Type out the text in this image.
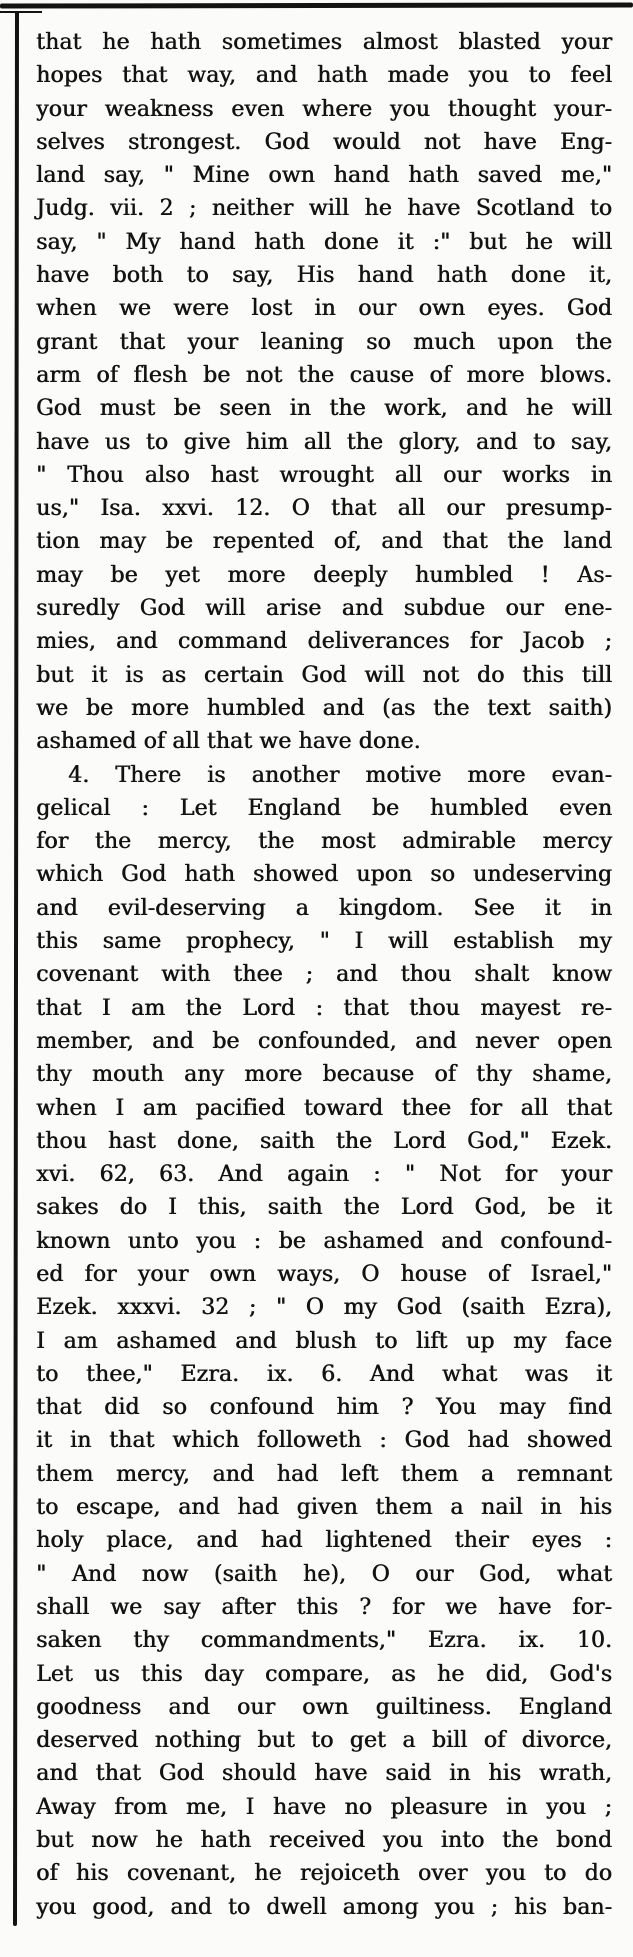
that he hath sometimes almost blasted your
hopes that way, and hath made you to feel
your weakness even where you thought your-
selves strongest. God would not have Eng-
land say, " Mine own hand hath saved me,"
Judg. vii. 2 ; neither will he have Scotland to
say, " My hand hath done it :" but he will
have both to say, His hand hath done it,
when we were lost in our own eyes. God
grant that your leaning so much upon the
arm of flesh be not the cause of more blows.
God must be seen in the work, and he will
have us to give him all the glory, and to say,
" Thou also hast wrought all our works in
us," Isa. xxvi. 12. O that all our presump-
tion may be repented of, and that the land
may be yet more deeply humbled ! As-
suredly God will arise and subdue our ene-
mies, and command deliverances for Jacob ;
but it is as certain God will not do this till
we be more humbled and (as the text saith)
ashamed of all that we have done.
4. There is another motive more evan-
gelical : Let England be humbled even
for the mercy, the most admirable mercy
which God hath showed upon so undeserving
and evil-deserving a kingdom. See it in
this same prophecy, " I will establish my
covenant with thee ; and thou shalt know
that I am the Lord : that thou mayest re-
member, and be confounded, and never open
thy mouth any more because of thy shame,
when I am pacified toward thee for all that
thou hast done, saith the Lord God," Ezek.
xvi. 62, 63. And again : " Not for your
sakes do I this, saith the Lord God, be it
known unto you : be ashamed and confound-
ed for your own ways, O house of Israel,"
Ezek. xxxvi. 32 ; " O my God (saith Ezra),
I am ashamed and blush to lift up my face
to thee," Ezra. ix. 6. And what was it
that did so confound him ? You may find
it in that which followeth : God had showed
them mercy, and had left them a remnant
to escape, and had given them a nail in his
holy place, and had lightened their eyes :
" And now (saith he), O our God, what
shall we say after this ? for we have for-
saken thy commandments," Ezra. ix. 10.
Let us this day compare, as he did, God's
goodness and our own guiltiness. England
deserved nothing but to get a bill of divorce,
and that God should have said in his wrath,
Away from me, I have no pleasure in you ;
but now he hath received you into the bond
of his covenant, he rejoiceth over you to do
you good, and to dwell among you ; his ban-
